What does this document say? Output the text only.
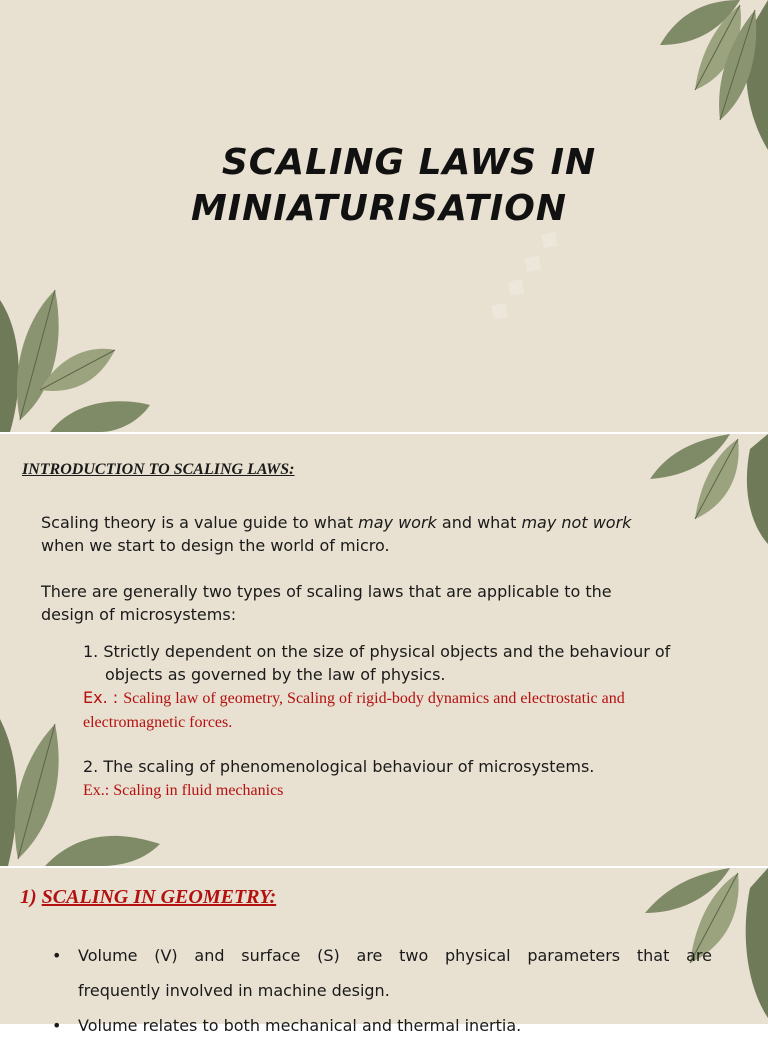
◆ ◆ ◆ ◆
SCALING LAWS IN
MINIATURISATION
INTRODUCTION TO SCALING LAWS:
Scaling theory is a value guide to what may work and what may not work
when we start to design the world of micro.
There are generally two types of scaling laws that are applicable to the
design of microsystems:
1. Strictly dependent on the size of physical objects and the behaviour of
objects as governed by the law of physics.
Ex. : Scaling law of geometry, Scaling of rigid-body dynamics and electrostatic and
electromagnetic forces.
2. The scaling of phenomenological behaviour of microsystems.
Ex.: Scaling in fluid mechanics
1) SCALING IN GEOMETRY:
• Volume (V) and surface (S) are two physical parameters that are
frequently involved in machine design.
• Volume relates to both mechanical and thermal inertia.
